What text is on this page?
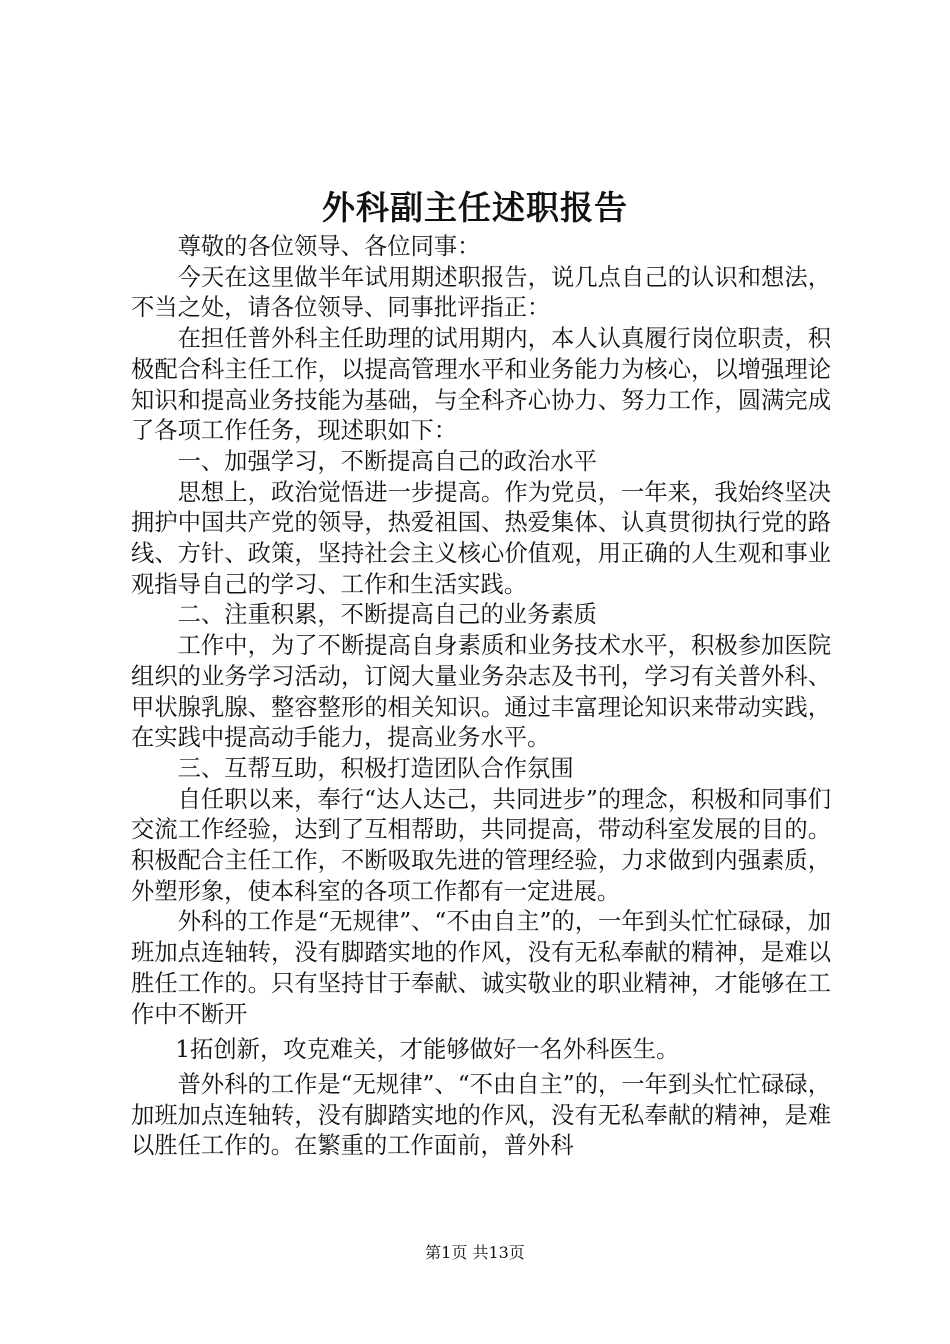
外科副主任述职报告

尊敬的各位领导、各位同事：

今天在这里做半年试用期述职报告，说几点自己的认识和想法，不当之处，请各位领导、同事批评指正：

在担任普外科主任助理的试用期内，本人认真履行岗位职责，积极配合科主任工作，以提高管理水平和业务能力为核心，以增强理论知识和提高业务技能为基础，与全科齐心协力、努力工作，圆满完成了各项工作任务，现述职如下：

一、加强学习，不断提高自己的政治水平

思想上，政治觉悟进一步提高。作为党员，一年来，我始终坚决拥护中国共产党的领导，热爱祖国、热爱集体、认真贯彻执行党的路线、方针、政策，坚持社会主义核心价值观，用正确的人生观和事业观指导自己的学习、工作和生活实践。

二、注重积累，不断提高自己的业务素质

工作中，为了不断提高自身素质和业务技术水平，积极参加医院组织的业务学习活动，订阅大量业务杂志及书刊，学习有关普外科、甲状腺乳腺、整容整形的相关知识。通过丰富理论知识来带动实践，在实践中提高动手能力，提高业务水平。

三、互帮互助，积极打造团队合作氛围

自任职以来，奉行“达人达己，共同进步”的理念，积极和同事们交流工作经验，达到了互相帮助，共同提高，带动科室发展的目的。积极配合主任工作，不断吸取先进的管理经验，力求做到内强素质，外塑形象，使本科室的各项工作都有一定进展。

外科的工作是“无规律”、“不由自主”的，一年到头忙忙碌碌，加班加点连轴转，没有脚踏实地的作风，没有无私奉献的精神，是难以胜任工作的。只有坚持甘于奉献、诚实敬业的职业精神，才能够在工作中不断开

1拓创新，攻克难关，才能够做好一名外科医生。

普外科的工作是“无规律”、“不由自主”的，一年到头忙忙碌碌，加班加点连轴转，没有脚踏实地的作风，没有无私奉献的精神，是难以胜任工作的。在繁重的工作面前，普外科

第1页 共13页
